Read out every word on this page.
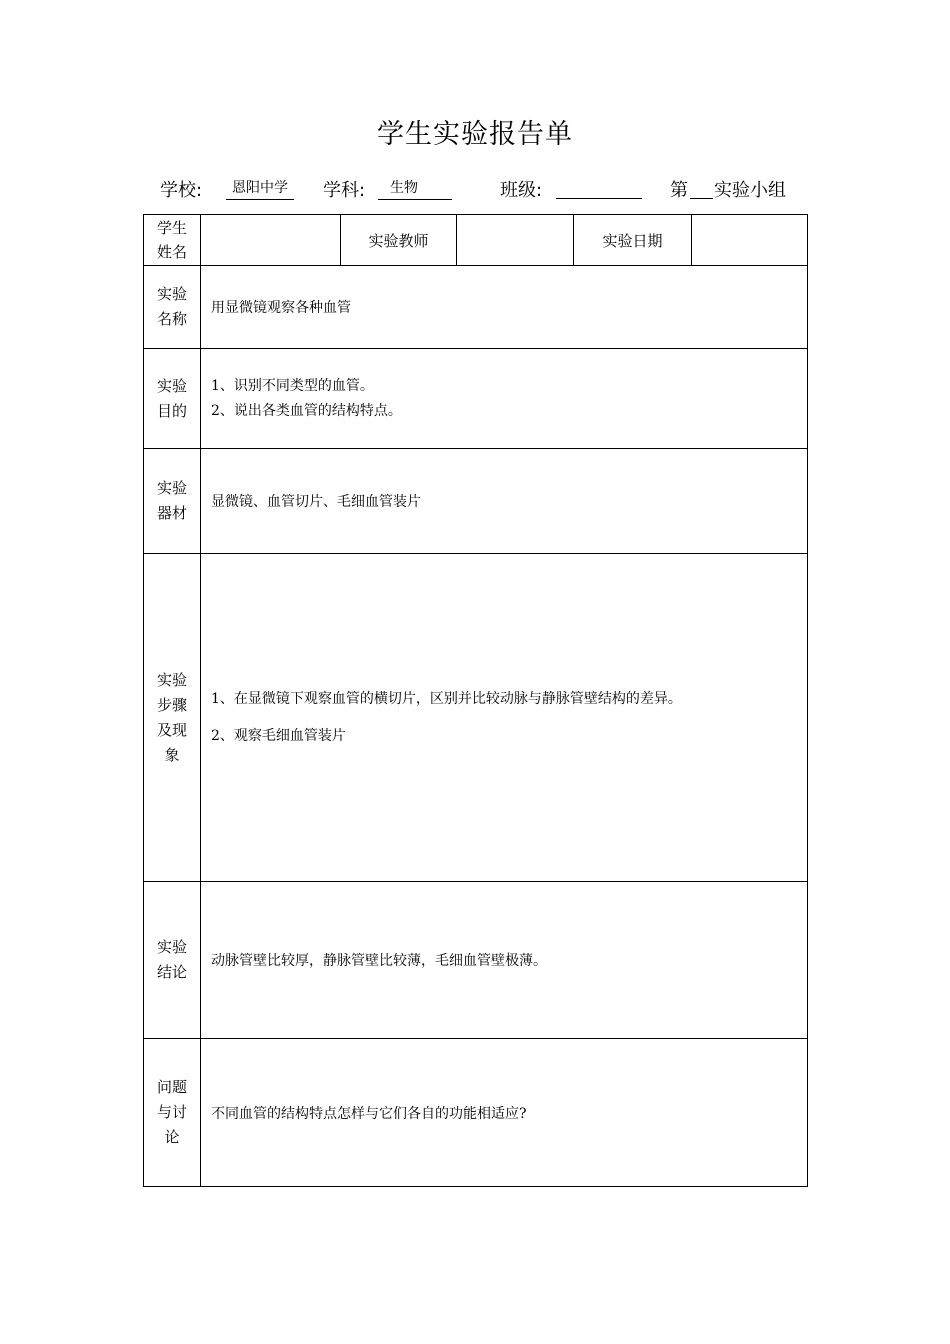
学生实验报告单
学校:	恩阳中学	学科:	生物	班级:	第 实验小组
学生姓名		实验教师		实验日期	
实验名称	用显微镜观察各种血管				
实验目的	1、识别不同类型的血管。
2、说出各类血管的结构特点。				

实验器材	显微镜、血管切片、毛细血管装片				
实验步骤及现象	1、在显微镜下观察血管的横切片，区别并比较动脉与静脉管壁结构的差异。
2、观察毛细血管装片				

实验结论	动脉管壁比较厚，静脉管壁比较薄，毛细血管壁极薄。				
问题与讨论	不同血管的结构特点怎样与它们各自的功能相适应?				
